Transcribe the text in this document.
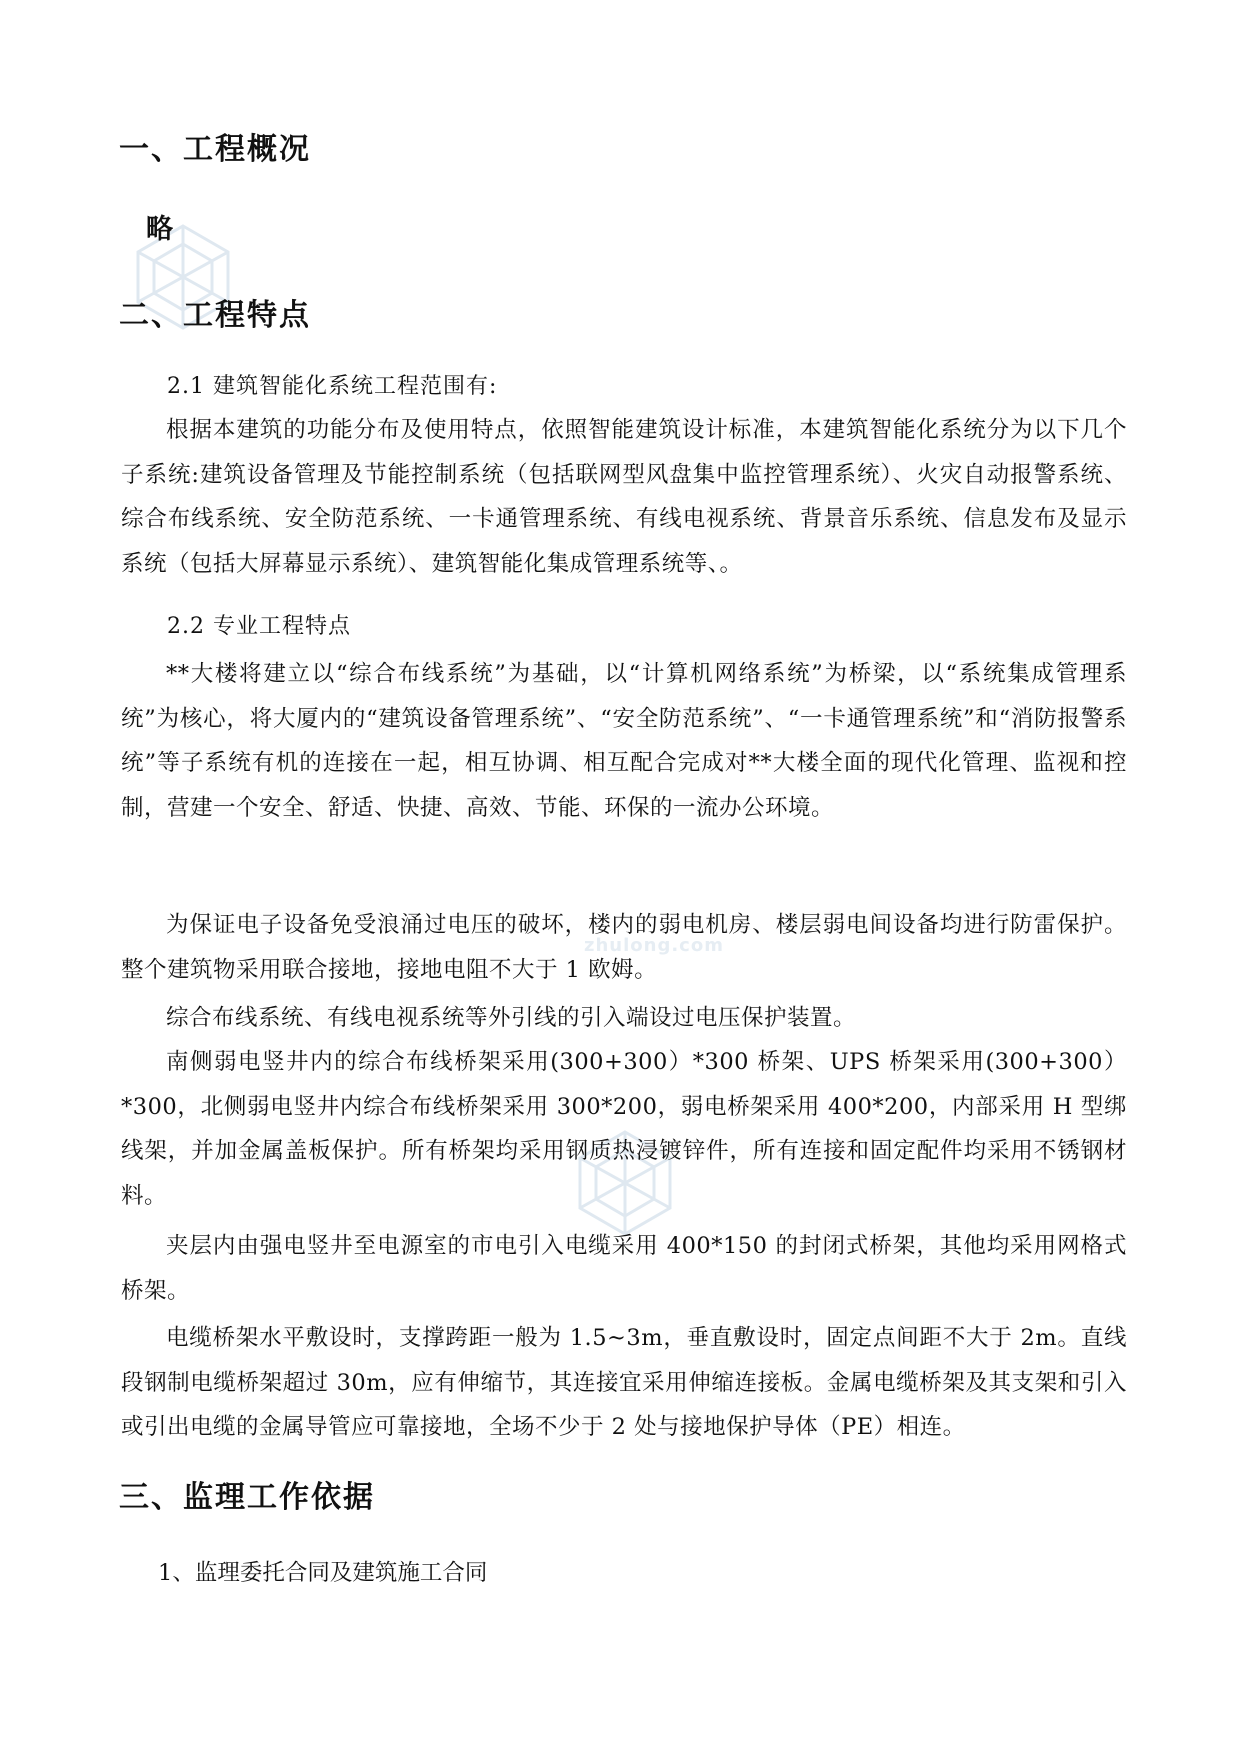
zhulong.com
一、工程概况
略
二、工程特点
2.1 建筑智能化系统工程范围有:

根据本建筑的功能分布及使用特点，依照智能建筑设计标准，本建筑智能化系统分为以下几个子系统:建筑设备管理及节能控制系统（包括联网型风盘集中监控管理系统）、火灾自动报警系统、综合布线系统、安全防范系统、一卡通管理系统、有线电视系统、背景音乐系统、信息发布及显示系统（包括大屏幕显示系统）、建筑智能化集成管理系统等、。

2.2 专业工程特点

**大楼将建立以“综合布线系统”为基础，以“计算机网络系统”为桥梁，以“系统集成管理系统”为核心，将大厦内的“建筑设备管理系统”、“安全防范系统”、“一卡通管理系统”和“消防报警系统”等子系统有机的连接在一起，相互协调、相互配合完成对**大楼全面的现代化管理、监视和控制，营建一个安全、舒适、快捷、高效、节能、环保的一流办公环境。

为保证电子设备免受浪涌过电压的破坏，楼内的弱电机房、楼层弱电间设备均进行防雷保护。整个建筑物采用联合接地，接地电阻不大于 1 欧姆。

综合布线系统、有线电视系统等外引线的引入端设过电压保护装置。

南侧弱电竖井内的综合布线桥架采用(300+300）*300 桥架、UPS 桥架采用(300+300）*300，北侧弱电竖井内综合布线桥架采用 300*200，弱电桥架采用 400*200，内部采用 H 型绑线架，并加金属盖板保护。所有桥架均采用钢质热浸镀锌件，所有连接和固定配件均采用不锈钢材料。

夹层内由强电竖井至电源室的市电引入电缆采用 400*150 的封闭式桥架，其他均采用网格式桥架。

电缆桥架水平敷设时，支撑跨距一般为 1.5~3m，垂直敷设时，固定点间距不大于 2m。直线段钢制电缆桥架超过 30m，应有伸缩节，其连接宜采用伸缩连接板。金属电缆桥架及其支架和引入或引出电缆的金属导管应可靠接地，全场不少于 2 处与接地保护导体（PE）相连。

三、监理工作依据
1、监理委托合同及建筑施工合同
